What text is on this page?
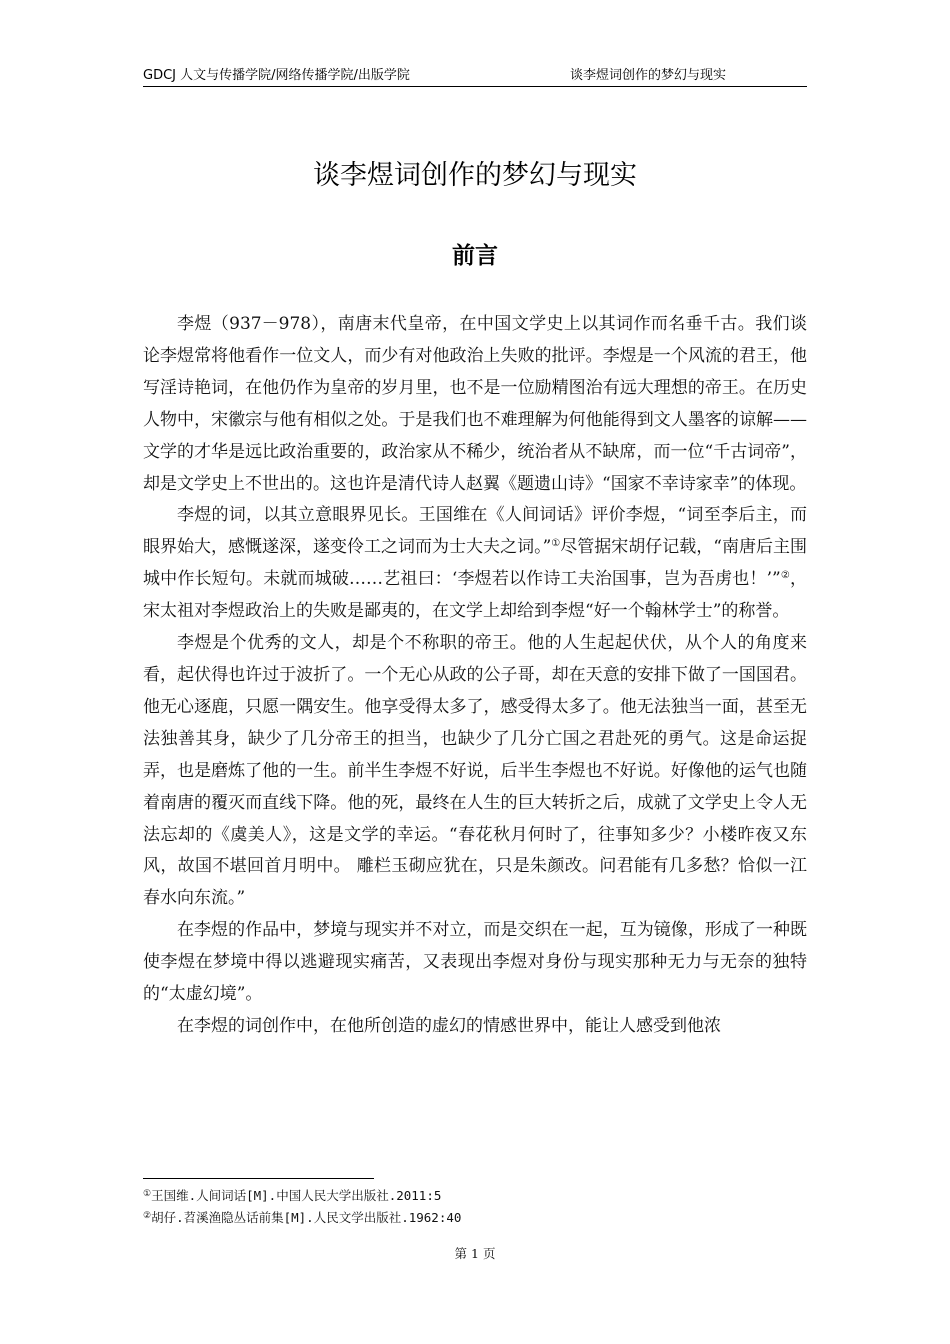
GDCJ 人文与传播学院/网络传播学院/出版学院	谈李煜词创作的梦幻与现实
谈李煜词创作的梦幻与现实
前言

李煜（937－978），南唐末代皇帝，在中国文学史上以其词作而名垂千古。我们谈论李煜常将他看作一位文人，而少有对他政治上失败的批评。李煜是一个风流的君王，他写淫诗艳词，在他仍作为皇帝的岁月里，也不是一位励精图治有远大理想的帝王。在历史人物中，宋徽宗与他有相似之处。于是我们也不难理解为何他能得到文人墨客的谅解——文学的才华是远比政治重要的，政治家从不稀少，统治者从不缺席，而一位“千古词帝”，却是文学史上不世出的。这也许是清代诗人赵翼《题遗山诗》“国家不幸诗家幸”的体现。

李煜的词，以其立意眼界见长。王国维在《人间词话》评价李煜，“词至李后主，而眼界始大，感慨遂深，遂变伶工之词而为士大夫之词。”①尽管据宋胡仔记载，“南唐后主围城中作长短句。未就而城破……艺祖曰：‘李煜若以作诗工夫治国事，岂为吾虏也！’”②，宋太祖对李煜政治上的失败是鄙夷的，在文学上却给到李煜“好一个翰林学士”的称誉。

李煜是个优秀的文人，却是个不称职的帝王。他的人生起起伏伏，从个人的角度来看，起伏得也许过于波折了。一个无心从政的公子哥，却在天意的安排下做了一国国君。他无心逐鹿，只愿一隅安生。他享受得太多了，感受得太多了。他无法独当一面，甚至无法独善其身，缺少了几分帝王的担当，也缺少了几分亡国之君赴死的勇气。这是命运捉弄，也是磨炼了他的一生。前半生李煜不好说，后半生李煜也不好说。好像他的运气也随着南唐的覆灭而直线下降。他的死，最终在人生的巨大转折之后，成就了文学史上令人无法忘却的《虞美人》，这是文学的幸运。“春花秋月何时了，往事知多少？小楼昨夜又东风，故国不堪回首月明中。 雕栏玉砌应犹在，只是朱颜改。问君能有几多愁？恰似一江春水向东流。”

在李煜的作品中，梦境与现实并不对立，而是交织在一起，互为镜像，形成了一种既使李煜在梦境中得以逃避现实痛苦，又表现出李煜对身份与现实那种无力与无奈的独特的“太虚幻境”。

在李煜的词创作中，在他所创造的虚幻的情感世界中，能让人感受到他浓

①王国维.人间词话[M].中国人民大学出版社.2011:5
②胡仔.苕溪渔隐丛话前集[M].人民文学出版社.1962:40
第 1 页
